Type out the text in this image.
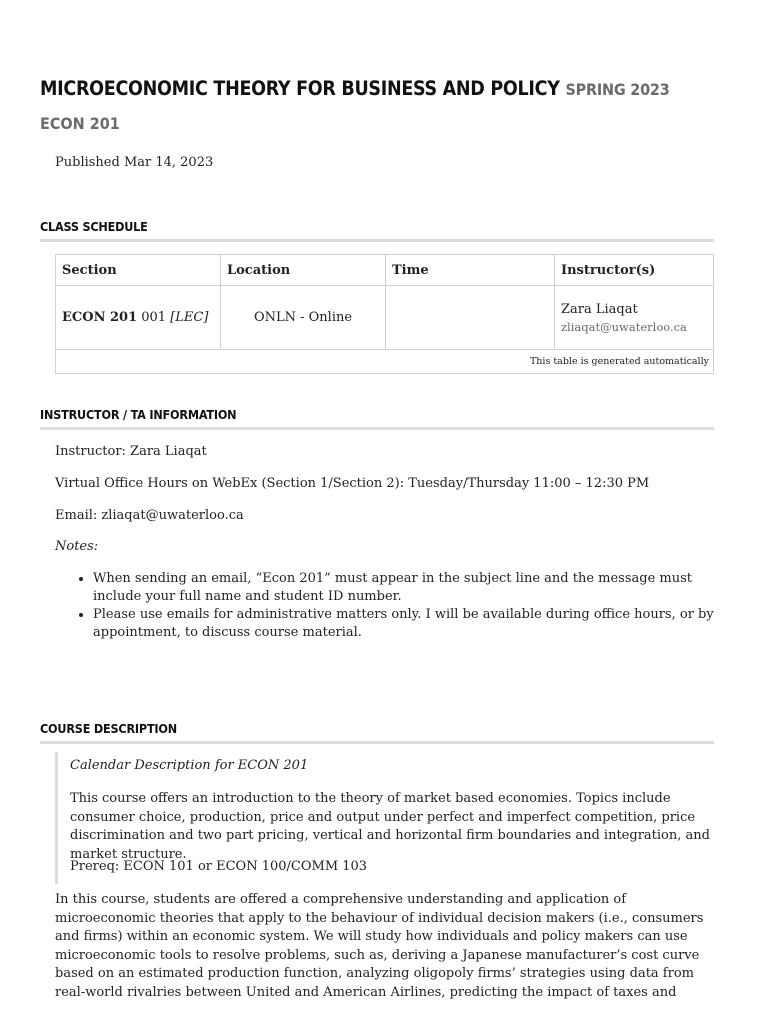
MICROECONOMIC THEORY FOR BUSINESS AND POLICY SPRING 2023
ECON 201
Published Mar 14, 2023
CLASS SCHEDULE
Section	Location	Time	Instructor(s)
ECON 201 001 [LEC]	ONLN - Online		Zara Liaqat
zliaqat@uwaterloo.ca

This table is generated automatically			
INSTRUCTOR / TA INFORMATION

Instructor: Zara Liaqat

Virtual Office Hours on WebEx (Section 1/Section 2): Tuesday/Thursday 11:00 – 12:30 PM

Email: zliaqat@uwaterloo.ca

Notes:

• When sending an email, “Econ 201” must appear in the subject line and the message must include your full name and student ID number.
• Please use emails for administrative matters only. I will be available during office hours, or by appointment, to discuss course material.
COURSE DESCRIPTION

Calendar Description for ECON 201

This course offers an introduction to the theory of market based economies. Topics include consumer choice, production, price and output under perfect and imperfect competition, price discrimination and two part pricing, vertical and horizontal firm boundaries and integration, and market structure.

Prereq: ECON 101 or ECON 100/COMM 103

In this course, students are offered a comprehensive understanding and application of microeconomic theories that apply to the behaviour of individual decision makers (i.e., consumers and firms) within an economic system. We will study how individuals and policy makers can use microeconomic tools to resolve problems, such as, deriving a Japanese manufacturer’s cost curve based on an estimated production function, analyzing oligopoly firms’ strategies using data from real-world rivalries between United and American Airlines, predicting the impact of taxes and
